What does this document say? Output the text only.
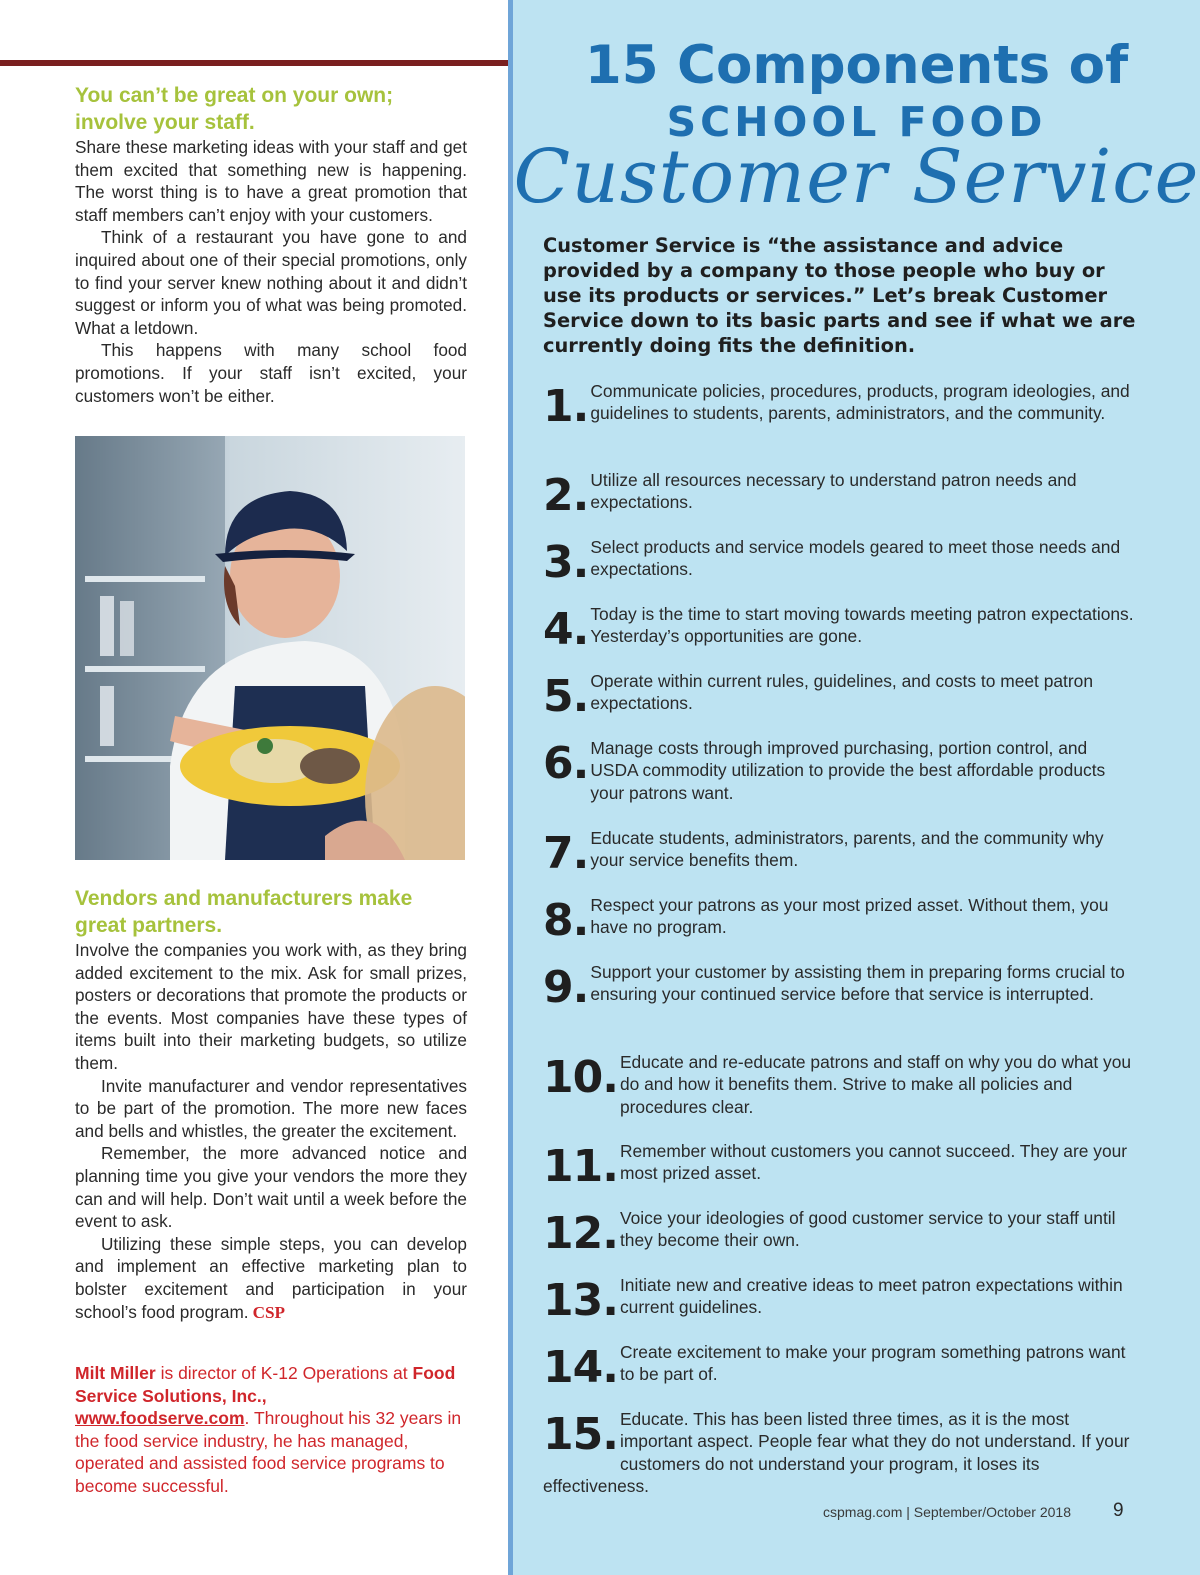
You can’t be great on your own; involve your staff.

Share these marketing ideas with your staff and get them excited that something new is happening. The worst thing is to have a great promotion that staff members can’t enjoy with your customers.

Think of a restaurant you have gone to and inquired about one of their special promotions, only to find your server knew nothing about it and didn’t suggest or inform you of what was being promoted. What a letdown.

This happens with many school food promotions. If your staff isn’t excited, your customers won’t be either.

Vendors and manufacturers make great partners.

Involve the companies you work with, as they bring added excitement to the mix. Ask for small prizes, posters or decorations that promote the products or the events. Most companies have these types of items built into their marketing budgets, so utilize them.

Invite manufacturer and vendor representatives to be part of the promotion. The more new faces and bells and whistles, the greater the excitement.

Remember, the more advanced notice and planning time you give your vendors the more they can and will help. Don’t wait until a week before the event to ask.

Utilizing these simple steps, you can develop and implement an effective marketing plan to bolster excitement and participation in your school’s food program. CSP

Milt Miller is director of K-12 Operations at Food Service Solutions, Inc.,
www.foodserve.com. Throughout his 32 years in the food service industry, he has managed, operated and assisted food service programs to become successful.
15 Components of
SCHOOL FOOD
Customer Service
Customer Service is “the assistance and advice provided by a company to those people who buy or use its products or services.” Let’s break Customer Service down to its basic parts and see if what we are currently doing fits the definition.
1. Communicate policies, procedures, products, program ideologies, and guidelines to students, parents, administrators, and the community.
2. Utilize all resources necessary to understand patron needs and expectations.
3. Select products and service models geared to meet those needs and expectations.
4. Today is the time to start moving towards meeting patron expectations. Yesterday’s opportunities are gone.
5. Operate within current rules, guidelines, and costs to meet patron expectations.
6. Manage costs through improved purchasing, portion control, and USDA commodity utilization to provide the best affordable products your patrons want.
7. Educate students, administrators, parents, and the community why your service benefits them.
8. Respect your patrons as your most prized asset. Without them, you have no program.
9. Support your customer by assisting them in preparing forms crucial to ensuring your continued service before that service is interrupted.
10. Educate and re-educate patrons and staff on why you do what you do and how it benefits them. Strive to make all policies and procedures clear.
11. Remember without customers you cannot succeed. They are your most prized asset.
12. Voice your ideologies of good customer service to your staff until they become their own.
13. Initiate new and creative ideas to meet patron expectations within current guidelines.
14. Create excitement to make your program something patrons want to be part of.
15. Educate. This has been listed three times, as it is the most important aspect. People fear what they do not understand. If your customers do not understand your program, it loses its effectiveness.
cspmag.com | September/October 2018 9
